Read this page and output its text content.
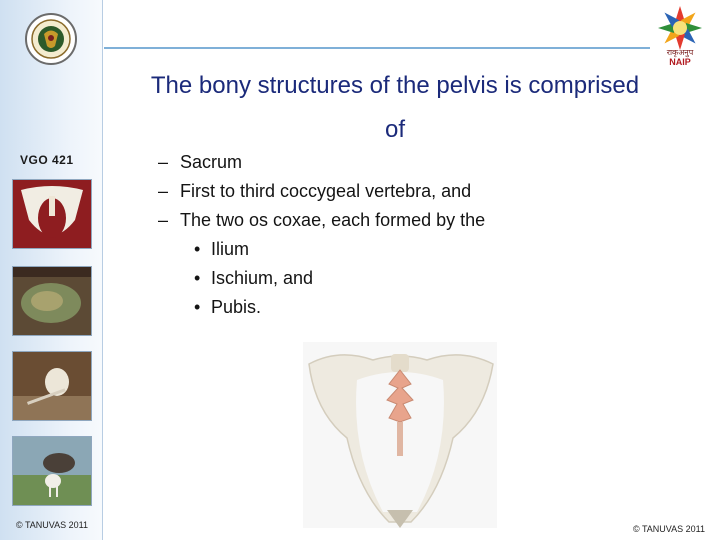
VGO 421
© TANUVAS 2011
राकृअनुप
NAIP
The bony structures of the pelvis is comprised of
– Sacrum
– First to third coccygeal vertebra, and
– The two os coxae, each formed by the
• Ilium
• Ischium, and
• Pubis.
© TANUVAS 2011
